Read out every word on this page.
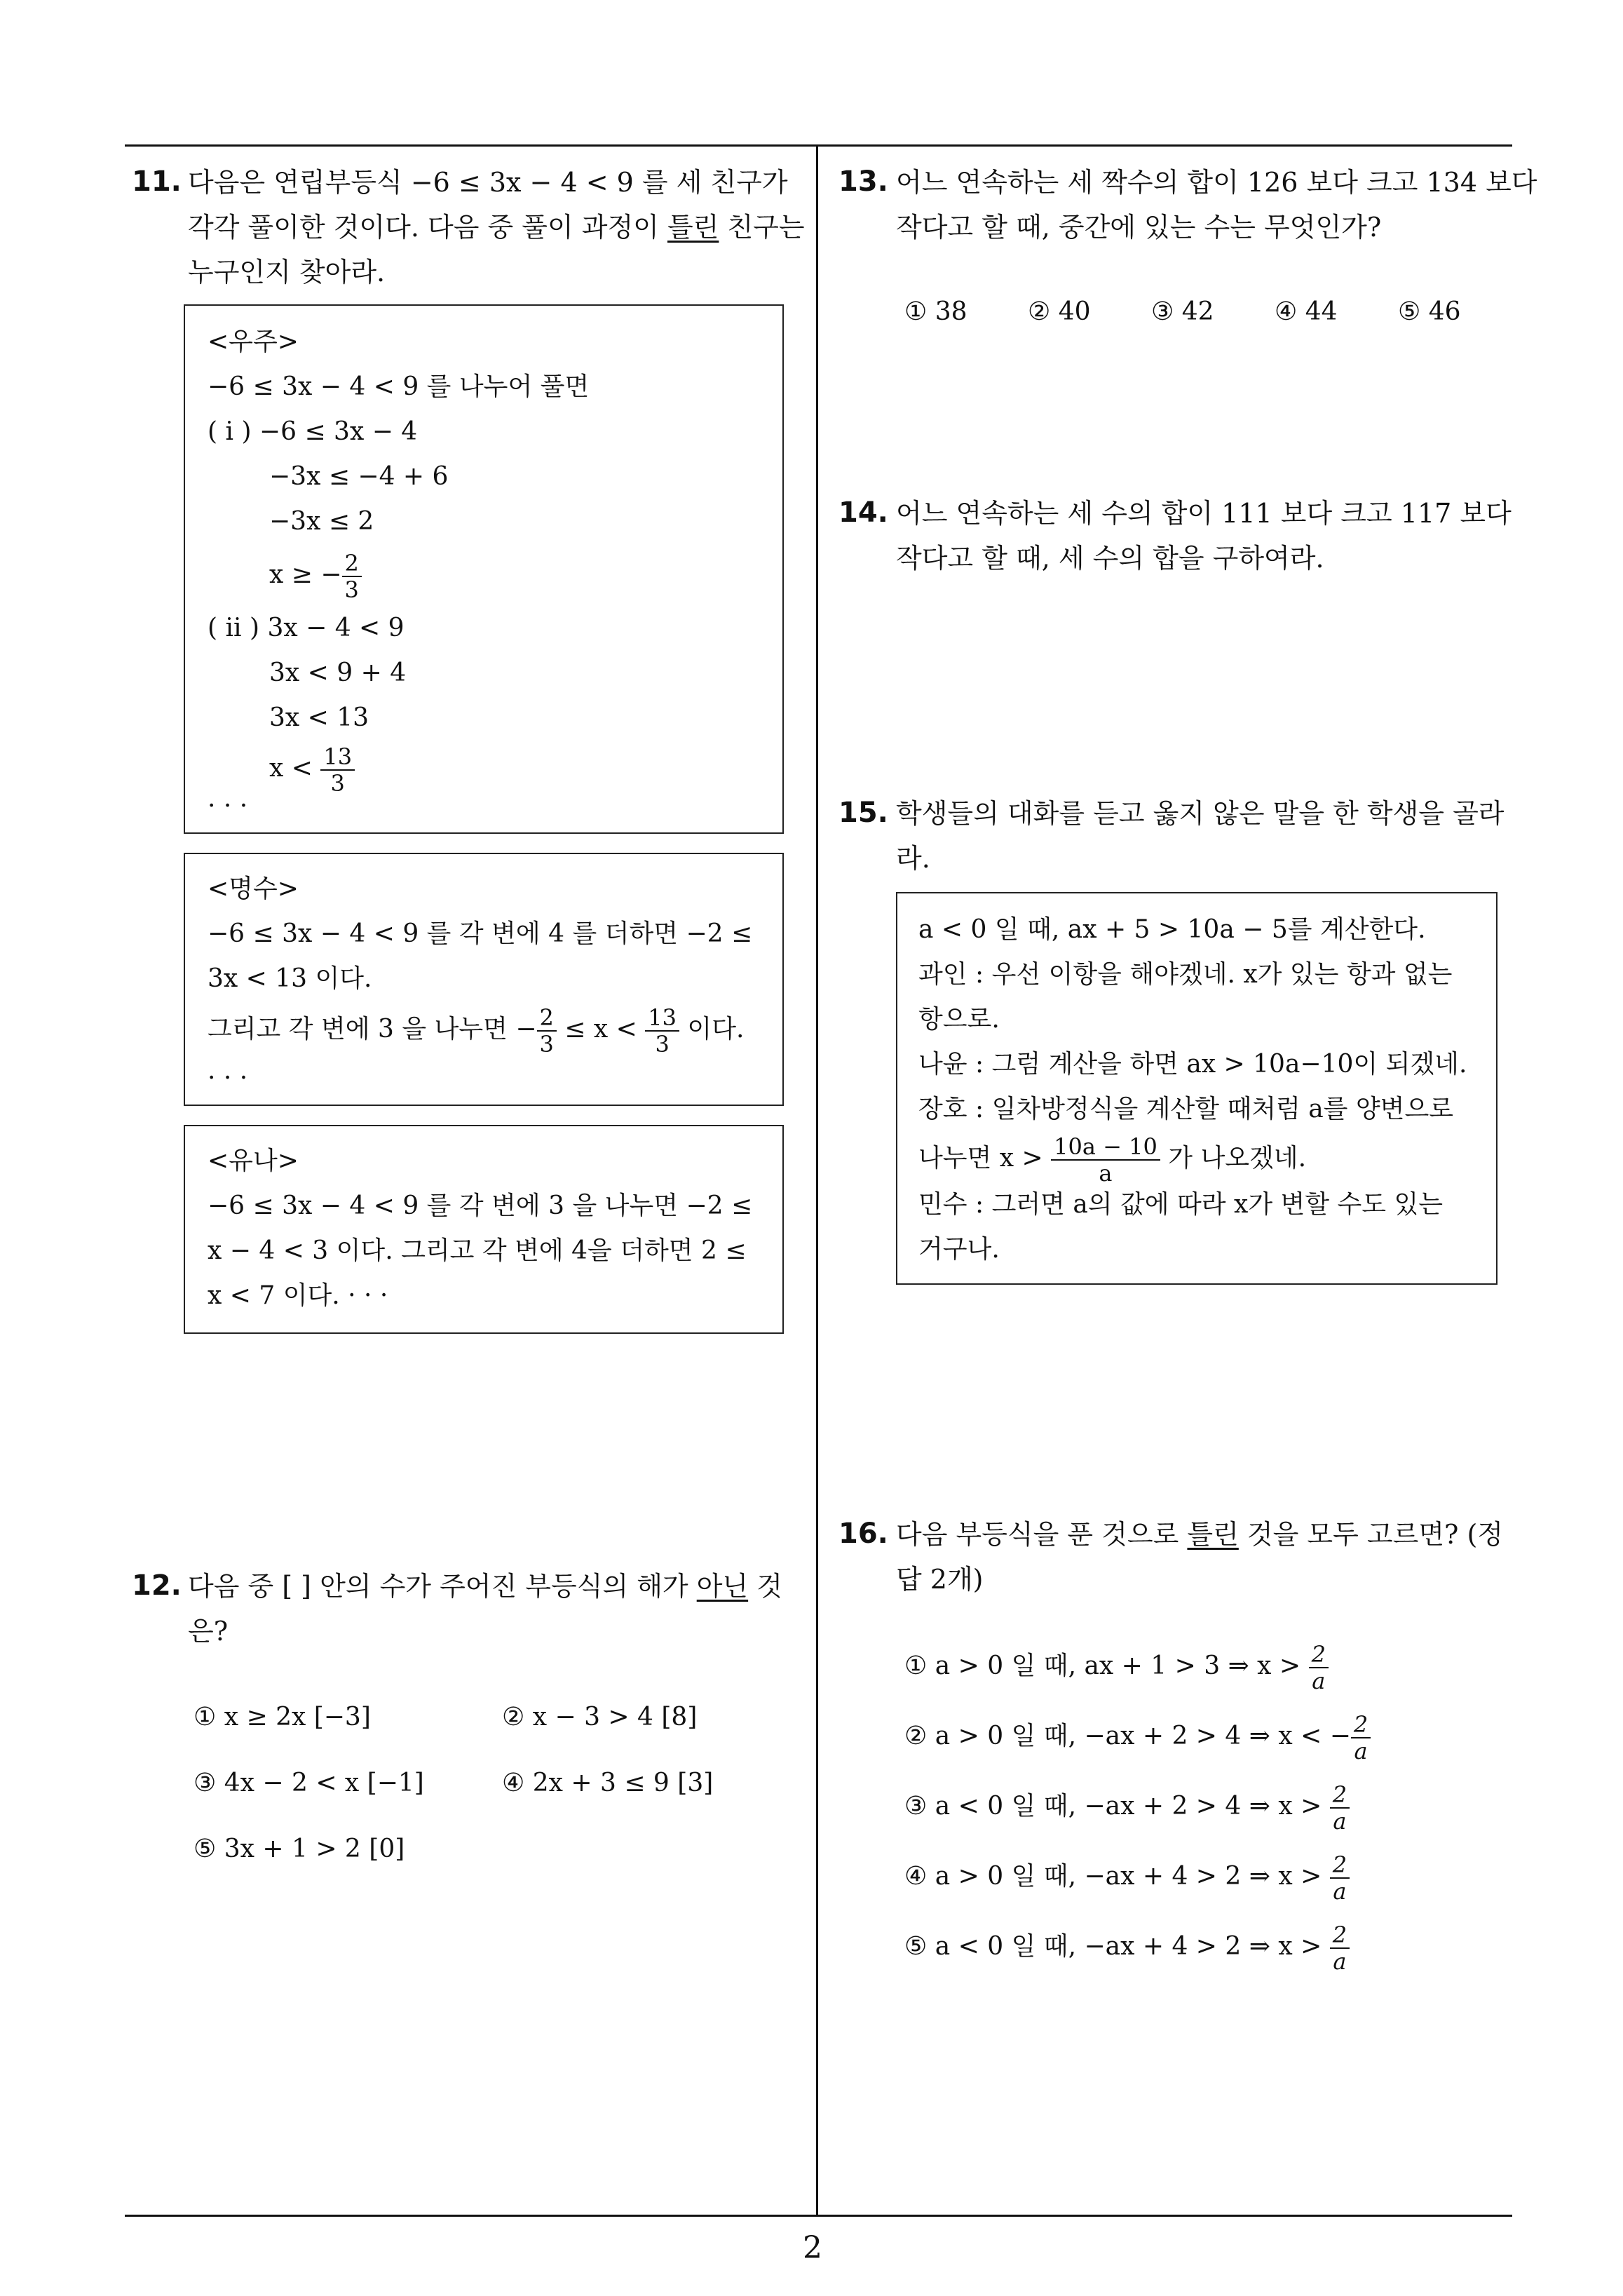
2
11. 다음은 연립부등식 −6 ≤ 3x − 4 < 9 를 세 친구가
각각 풀이한 것이다. 다음 중 풀이 과정이 틀린 친구는
누구인지 찾아라.
<우주>
−6 ≤ 3x − 4 < 9 를 나누어 풀면
( i ) −6 ≤ 3x − 4
−3x ≤ −4 + 6
−3x ≤ 2
x ≥ − $\frac{2}{3}$
( ii ) 3x − 4 < 9
3x < 9 + 4
3x < 13
$x < \frac{13}{3}$
· · ·
<명수>
−6 ≤ 3x − 4 < 9 를 각 변에 4 를 더하면 −2 ≤
3x < 13 이다.
그리고 각 변에 3 을 나누면 − $\frac{2}{3} \le x < \frac{13}{3}$ 이다.
· · ·
<유나>
−6 ≤ 3x − 4 < 9 를 각 변에 3 을 나누면 −2 ≤
x − 4 < 3 이다. 그리고 각 변에 4을 더하면 2 ≤
x < 7 이다. · · ·
12. 다음 중 [ ] 안의 수가 주어진 부등식의 해가 아닌 것
은?
① x ≥ 2x [−3]	② x − 3 > 4 [8]
③ 4x − 2 < x [−1]	④ 2x + 3 ≤ 9 [3]
⑤ 3x + 1 > 2 [0]
13. 어느 연속하는 세 짝수의 합이 126 보다 크고 134 보다
작다고 할 때, 중간에 있는 수는 무엇인가?
① 38 ② 40 ③ 42 ④ 44 ⑤ 46
14. 어느 연속하는 세 수의 합이 111 보다 크고 117 보다
작다고 할 때, 세 수의 합을 구하여라.
15. 학생들의 대화를 듣고 옳지 않은 말을 한 학생을 골라
라.
a < 0 일 때, ax + 5 > 10a − 5를 계산한다.
과인 : 우선 이항을 해야겠네. x가 있는 항과 없는
항으로.
나윤 : 그럼 계산을 하면 ax > 10a−10이 되겠네.
장호 : 일차방정식을 계산할 때처럼 a를 양변으로
나누면 $x > \frac{10a - 10}{a}$ 가 나오겠네.
민수 : 그러면 a의 값에 따라 x가 변할 수도 있는
거구나.
16. 다음 부등식을 푼 것으로 틀린 것을 모두 고르면? (정
답 2개)
① a > 0 일 때, ax + 1 > 3 ⇒ $x > \frac{2}{a}$
② a > 0 일 때, −ax + 2 > 4 ⇒ x < − $\frac{2}{a}$
③ a < 0 일 때, −ax + 2 > 4 ⇒ $x > \frac{2}{a}$
④ a > 0 일 때, −ax + 4 > 2 ⇒ $x > \frac{2}{a}$
⑤ a < 0 일 때, −ax + 4 > 2 ⇒ $x > \frac{2}{a}$
